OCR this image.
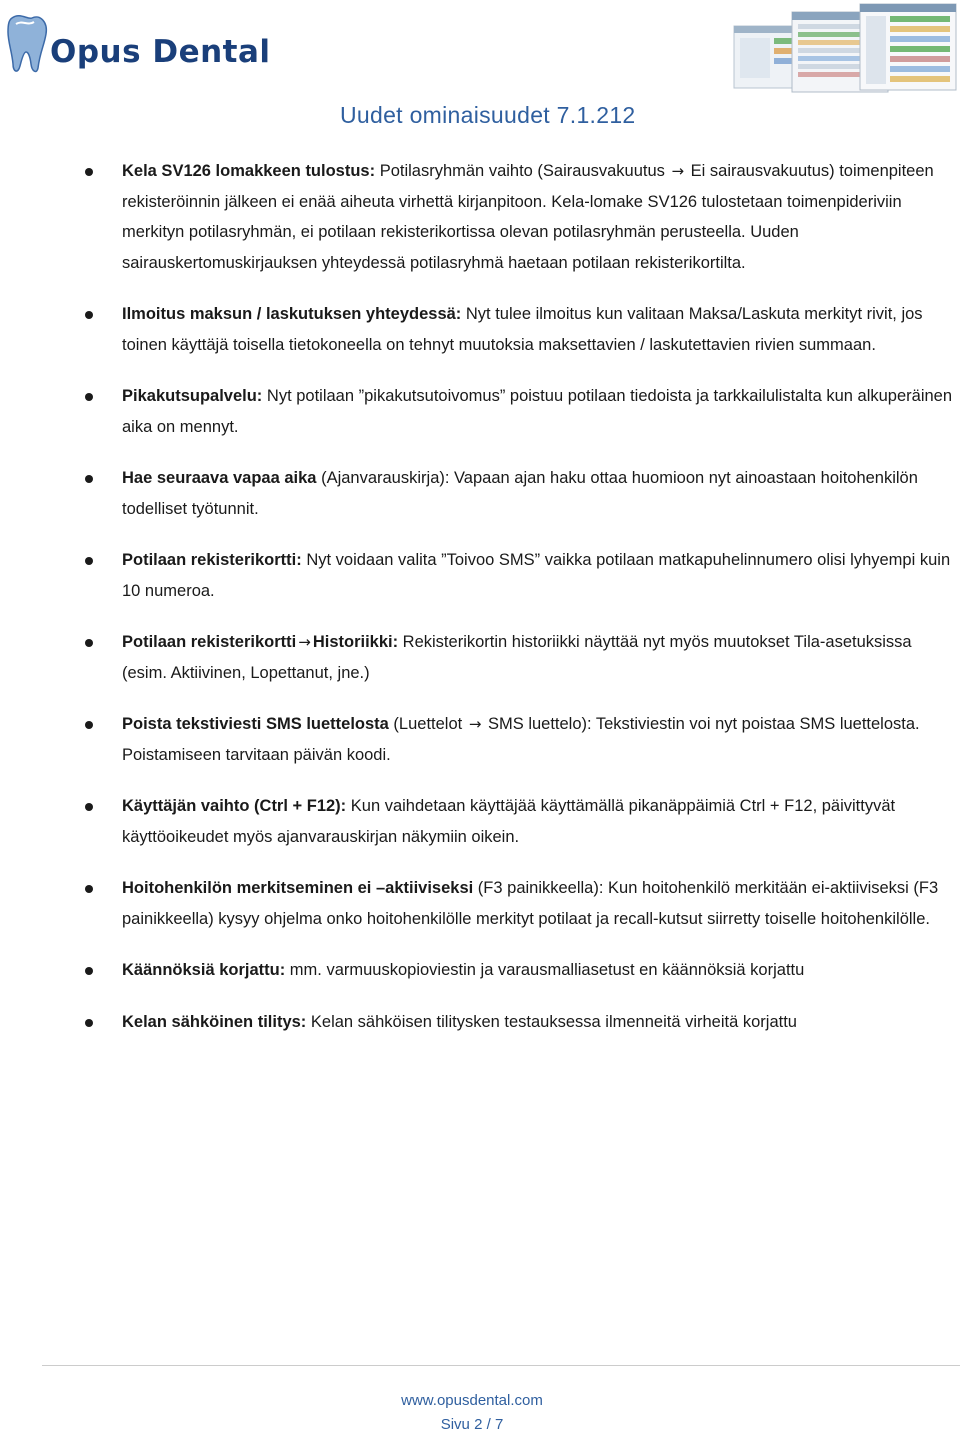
Opus Dental
Uudet ominaisuudet 7.1.212
Kela SV126 lomakkeen tulostus: Potilasryhmän vaihto (Sairausvakuutus → Ei sairausvakuutus) toimenpiteen rekisteröinnin jälkeen ei enää aiheuta virhettä kirjanpitoon. Kela-lomake SV126 tulostetaan toimenpideriviin merkityn potilasryhmän, ei potilaan rekisterikortissa olevan potilasryhmän perusteella. Uuden sairauskertomuskirjauksen yhteydessä potilasryhmä haetaan potilaan rekisterikortilta.
Ilmoitus maksun / laskutuksen yhteydessä: Nyt tulee ilmoitus kun valitaan Maksa/Laskuta merkityt rivit, jos toinen käyttäjä toisella tietokoneella on tehnyt muutoksia maksettavien / laskutettavien rivien summaan.
Pikakutsupalvelu: Nyt potilaan ”pikakutsutoivomus” poistuu potilaan tiedoista ja tarkkailulistalta kun alkuperäinen aika on mennyt.
Hae seuraava vapaa aika (Ajanvarauskirja): Vapaan ajan haku ottaa huomioon nyt ainoastaan hoitohenkilön todelliset työtunnit.
Potilaan rekisterikortti: Nyt voidaan valita ”Toivoo SMS” vaikka potilaan matkapuhelinnumero olisi lyhyempi kuin 10 numeroa.
Potilaan rekisterikortti → Historiikki: Rekisterikortin historiikki näyttää nyt myös muutokset Tila-asetuksissa (esim. Aktiivinen, Lopettanut, jne.)
Poista tekstiviesti SMS luettelosta (Luettelot → SMS luettelo): Tekstiviestin voi nyt poistaa SMS luettelosta. Poistamiseen tarvitaan päivän koodi.
Käyttäjän vaihto (Ctrl + F12): Kun vaihdetaan käyttäjää käyttämällä pikanäppäimiä Ctrl + F12, päivittyvät käyttöoikeudet myös ajanvarauskirjan näkymiin oikein.
Hoitohenkilön merkitseminen ei –aktiiviseksi (F3 painikkeella): Kun hoitohenkilö merkitään ei-aktiiviseksi (F3 painikkeella) kysyy ohjelma onko hoitohenkilölle merkityt potilaat ja recall-kutsut siirretty toiselle hoitohenkilölle.
Käännöksiä korjattu: mm. varmuuskopioviestin ja varausmalliasetust en käännöksiä korjattu
Kelan sähköinen tilitys: Kelan sähköisen tilitysken testauksessa ilmenneitä virheitä korjattu
www.opusdental.com
Sivu 2 / 7
